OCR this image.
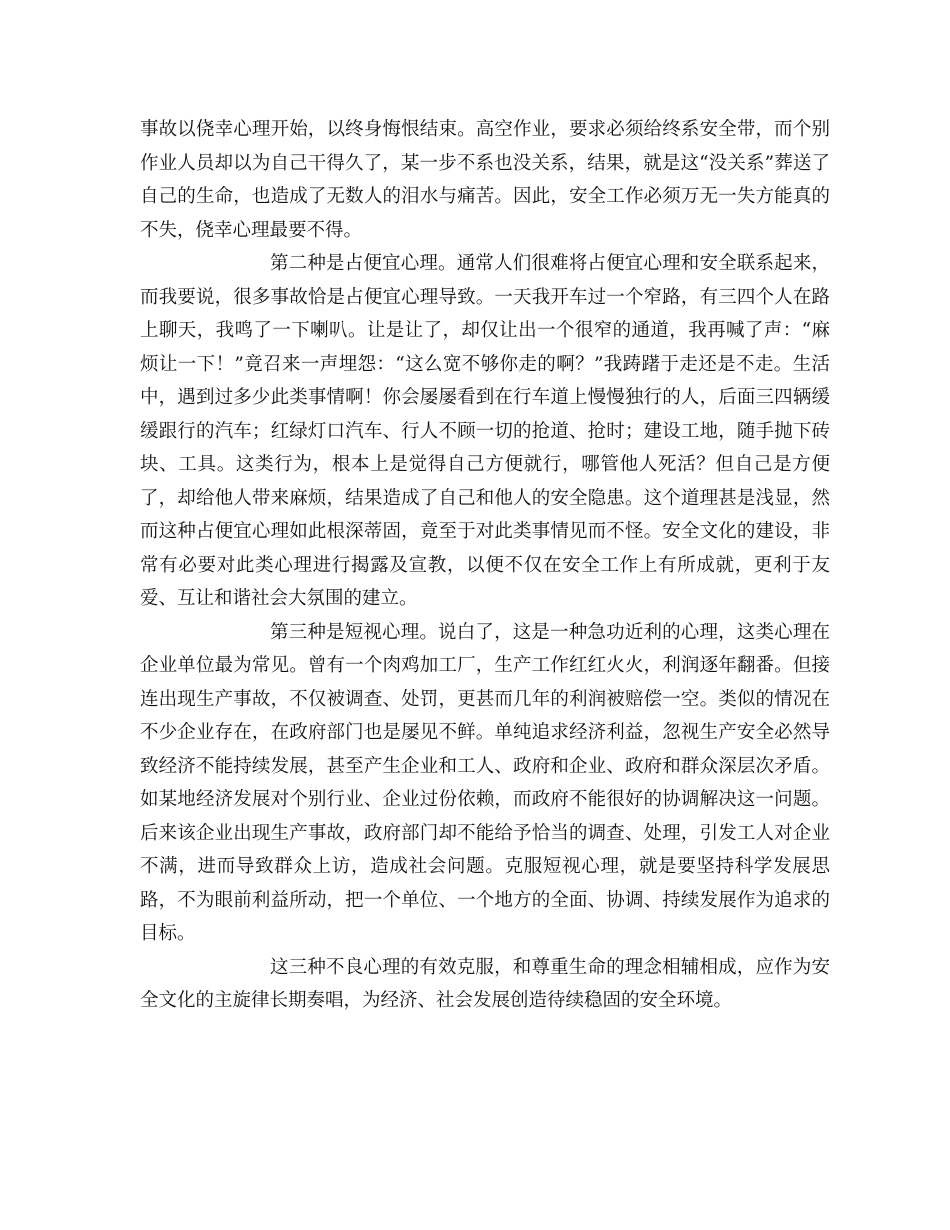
事故以侥幸心理开始，以终身悔恨结束。高空作业，要求必须给终系安全带，而个别作业人员却以为自己干得久了，某一步不系也没关系，结果，就是这“没关系”葬送了自己的生命，也造成了无数人的泪水与痛苦。因此，安全工作必须万无一失方能真的不失，侥幸心理最要不得。

第二种是占便宜心理。通常人们很难将占便宜心理和安全联系起来，而我要说，很多事故恰是占便宜心理导致。一天我开车过一个窄路，有三四个人在路上聊天，我鸣了一下喇叭。让是让了，却仅让出一个很窄的通道，我再喊了声：“麻烦让一下！”竟召来一声埋怨：“这么宽不够你走的啊？”我踌躇于走还是不走。生活中，遇到过多少此类事情啊！你会屡屡看到在行车道上慢慢独行的人，后面三四辆缓缓跟行的汽车；红绿灯口汽车、行人不顾一切的抢道、抢时；建设工地，随手抛下砖块、工具。这类行为，根本上是觉得自己方便就行，哪管他人死活？但自己是方便了，却给他人带来麻烦，结果造成了自己和他人的安全隐患。这个道理甚是浅显，然而这种占便宜心理如此根深蒂固，竟至于对此类事情见而不怪。安全文化的建设，非常有必要对此类心理进行揭露及宣教，以便不仅在安全工作上有所成就，更利于友爱、互让和谐社会大氛围的建立。

第三种是短视心理。说白了，这是一种急功近利的心理，这类心理在企业单位最为常见。曾有一个肉鸡加工厂，生产工作红红火火，利润逐年翻番。但接连出现生产事故，不仅被调查、处罚，更甚而几年的利润被赔偿一空。类似的情况在不少企业存在，在政府部门也是屡见不鲜。单纯追求经济利益，忽视生产安全必然导致经济不能持续发展，甚至产生企业和工人、政府和企业、政府和群众深层次矛盾。如某地经济发展对个别行业、企业过份依赖，而政府不能很好的协调解决这一问题。后来该企业出现生产事故，政府部门却不能给予恰当的调查、处理，引发工人对企业不满，进而导致群众上访，造成社会问题。克服短视心理，就是要坚持科学发展思路，不为眼前利益所动，把一个单位、一个地方的全面、协调、持续发展作为追求的目标。

这三种不良心理的有效克服，和尊重生命的理念相辅相成，应作为安全文化的主旋律长期奏唱，为经济、社会发展创造待续稳固的安全环境。
